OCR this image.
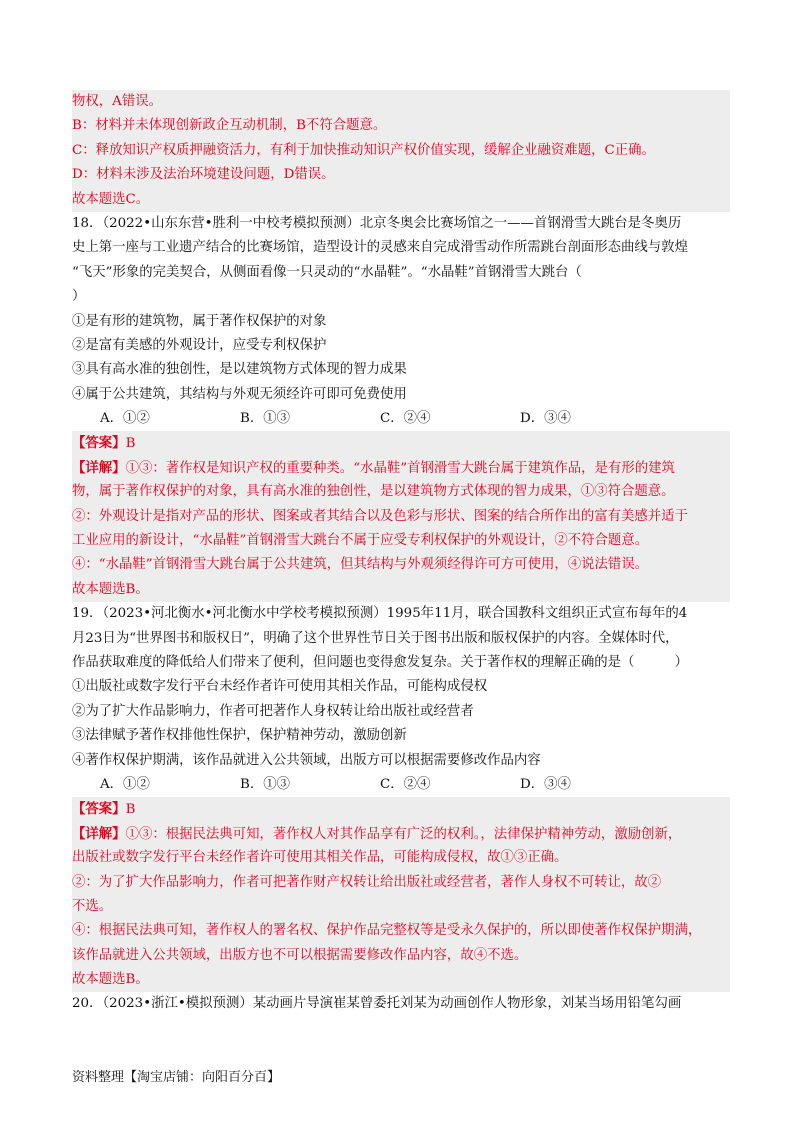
物权，A错误。
B：材料并未体现创新政企互动机制，B不符合题意。
C：释放知识产权质押融资活力，有利于加快推动知识产权价值实现，缓解企业融资难题，C正确。
D：材料未涉及法治环境建设问题，D错误。
故本题选C。
18．（2022•山东东营•胜利一中校考模拟预测）北京冬奥会比赛场馆之一——首钢滑雪大跳台是冬奥历
史上第一座与工业遗产结合的比赛场馆，造型设计的灵感来自完成滑雪动作所需跳台剖面形态曲线与敦煌
“飞天”形象的完美契合，从侧面看像一只灵动的“水晶鞋”。“水晶鞋”首钢滑雪大跳台（
）
①是有形的建筑物，属于著作权保护的对象
②是富有美感的外观设计，应受专利权保护
③具有高水准的独创性，是以建筑物方式体现的智力成果
④属于公共建筑，其结构与外观无须经许可即可免费使用
A．①②	B．①③	C．②④	D．③④
【答案】B
【详解】①③：著作权是知识产权的重要种类。“水晶鞋”首钢滑雪大跳台属于建筑作品，是有形的建筑
物，属于著作权保护的对象，具有高水准的独创性，是以建筑物方式体现的智力成果，①③符合题意。
②：外观设计是指对产品的形状、图案或者其结合以及色彩与形状、图案的结合所作出的富有美感并适于
工业应用的新设计，“水晶鞋”首钢滑雪大跳台不属于应受专利权保护的外观设计，②不符合题意。
④：“水晶鞋”首钢滑雪大跳台属于公共建筑，但其结构与外观须经得许可方可使用，④说法错误。
故本题选B。
19．（2023•河北衡水•河北衡水中学校考模拟预测）1995年11月，联合国教科文组织正式宣布每年的4
月23日为“世界图书和版权日”，明确了这个世界性节日关于图书出版和版权保护的内容。全媒体时代，
作品获取难度的降低给人们带来了便利，但问题也变得愈发复杂。关于著作权的理解正确的是（　　　）
①出版社或数字发行平台未经作者许可使用其相关作品，可能构成侵权
②为了扩大作品影响力，作者可把著作人身权转让给出版社或经营者
③法律赋予著作权排他性保护，保护精神劳动，激励创新
④著作权保护期满，该作品就进入公共领域，出版方可以根据需要修改作品内容
A．①②	B．①③	C．②④	D．③④
【答案】B
【详解】①③：根据民法典可知，著作权人对其作品享有广泛的权利。，法律保护精神劳动，激励创新，
出版社或数字发行平台未经作者许可使用其相关作品，可能构成侵权，故①③正确。
②：为了扩大作品影响力，作者可把著作财产权转让给出版社或经营者，著作人身权不可转让，故②
不选。
④：根据民法典可知，著作权人的署名权、保护作品完整权等是受永久保护的，所以即使著作权保护期满，
该作品就进入公共领域，出版方也不可以根据需要修改作品内容，故④不选。
故本题选B。
20．（2023•浙江•模拟预测）某动画片导演崔某曾委托刘某为动画创作人物形象，刘某当场用铅笔勾画
资料整理【淘宝店铺：向阳百分百】
